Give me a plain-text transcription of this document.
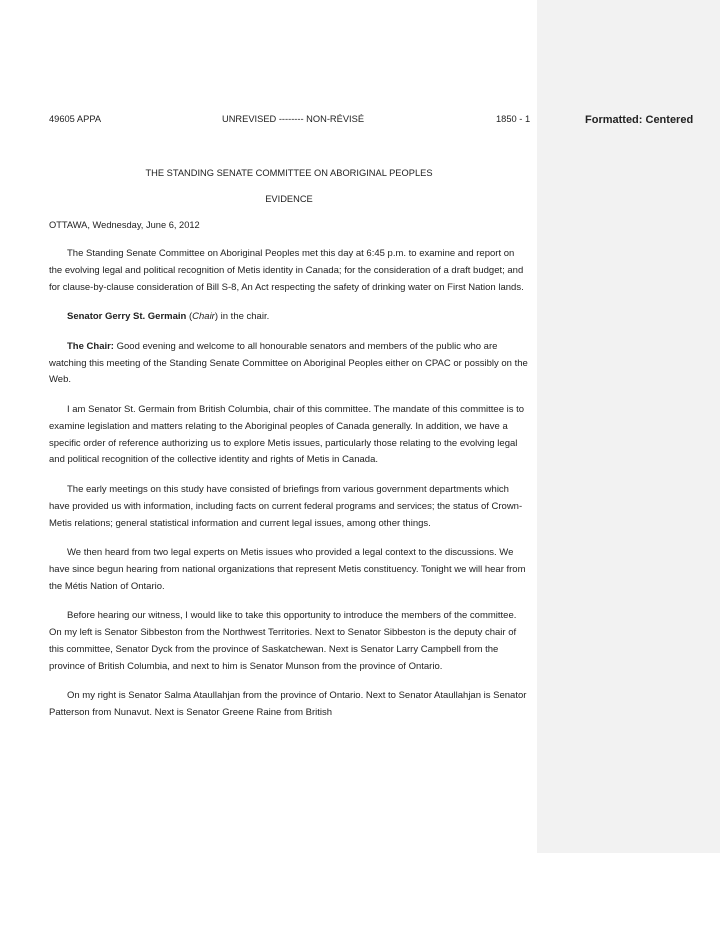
Formatted: Centered
49605 APPA	UNREVISED -------- NON-RÉVISÉ	1850 - 1
THE STANDING SENATE COMMITTEE ON ABORIGINAL PEOPLES
EVIDENCE
OTTAWA, Wednesday, June 6, 2012

The Standing Senate Committee on Aboriginal Peoples met this day at 6:45 p.m. to examine and report on the evolving legal and political recognition of Metis identity in Canada; for the consideration of a draft budget; and for clause-by-clause consideration of Bill S-8, An Act respecting the safety of drinking water on First Nation lands.

Senator Gerry St. Germain (Chair) in the chair.

The Chair: Good evening and welcome to all honourable senators and members of the public who are watching this meeting of the Standing Senate Committee on Aboriginal Peoples either on CPAC or possibly on the Web.

I am Senator St. Germain from British Columbia, chair of this committee. The mandate of this committee is to examine legislation and matters relating to the Aboriginal peoples of Canada generally. In addition, we have a specific order of reference authorizing us to explore Metis issues, particularly those relating to the evolving legal and political recognition of the collective identity and rights of Metis in Canada.

The early meetings on this study have consisted of briefings from various government departments which have provided us with information, including facts on current federal programs and services; the status of Crown-Metis relations; general statistical information and current legal issues, among other things.

We then heard from two legal experts on Metis issues who provided a legal context to the discussions. We have since begun hearing from national organizations that represent Metis constituency. Tonight we will hear from the Métis Nation of Ontario.

Before hearing our witness, I would like to take this opportunity to introduce the members of the committee. On my left is Senator Sibbeston from the Northwest Territories. Next to Senator Sibbeston is the deputy chair of this committee, Senator Dyck from the province of Saskatchewan. Next is Senator Larry Campbell from the province of British Columbia, and next to him is Senator Munson from the province of Ontario.

On my right is Senator Salma Ataullahjan from the province of Ontario. Next to Senator Ataullahjan is Senator Patterson from Nunavut. Next is Senator Greene Raine from British
